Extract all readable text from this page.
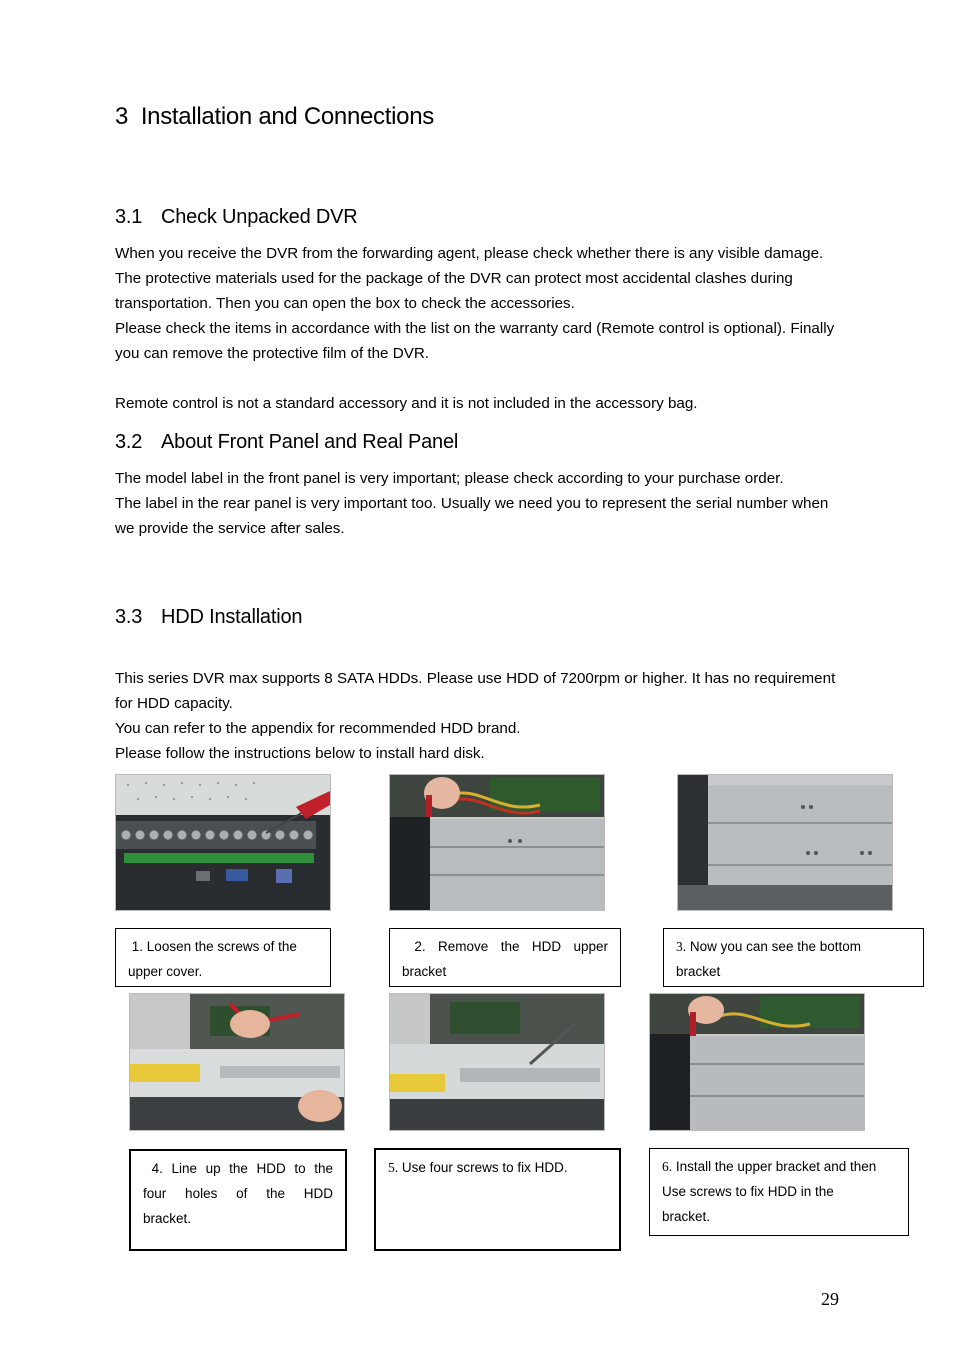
3 Installation and Connections
3.1 Check Unpacked DVR

When you receive the DVR from the forwarding agent, please check whether there is any visible damage. The protective materials used for the package of the DVR can protect most accidental clashes during transportation. Then you can open the box to check the accessories.

Please check the items in accordance with the list on the warranty card (Remote control is optional). Finally you can remove the protective film of the DVR.

Remote control is not a standard accessory and it is not included in the accessory bag.

3.2 About Front Panel and Real Panel

The model label in the front panel is very important; please check according to your purchase order.

The label in the rear panel is very important too. Usually we need you to represent the serial number when we provide the service after sales.

3.3 HDD Installation

This series DVR max supports 8 SATA HDDs. Please use HDD of 7200rpm or higher. It has no requirement for HDD capacity.

You can refer to the appendix for recommended HDD brand.

Please follow the instructions below to install hard disk.

1. Loosen the screws of the
upper cover.
2. Remove the HDD upper
bracket
3. Now you can see the bottom
bracket
4. Line up the HDD to the
four holes of the HDD
bracket.
5. Use four screws to fix HDD.	6. Install the upper bracket and then
Use screws to fix HDD in the
bracket.
29
